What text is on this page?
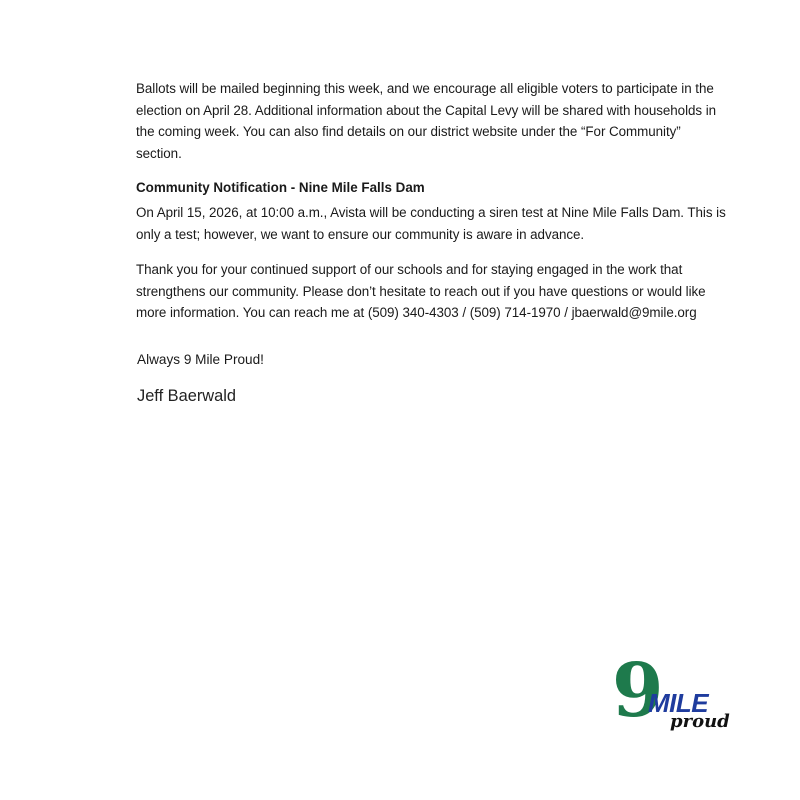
Ballots will be mailed beginning this week, and we encourage all eligible voters to participate in the election on April 28. Additional information about the Capital Levy will be shared with households in the coming week. You can also find details on our district website under the “For Community” section.

Community Notification - Nine Mile Falls Dam

On April 15, 2026, at 10:00 a.m., Avista will be conducting a siren test at Nine Mile Falls Dam. This is only a test; however, we want to ensure our community is aware in advance.

Thank you for your continued support of our schools and for staying engaged in the work that strengthens our community. Please don’t hesitate to reach out if you have questions or would like more information. You can reach me at (509) 340-4303 / (509) 714-1970 / jbaerwald@9mile.org

Always 9 Mile Proud!
Jeff Baerwald
9
MILE
proud
